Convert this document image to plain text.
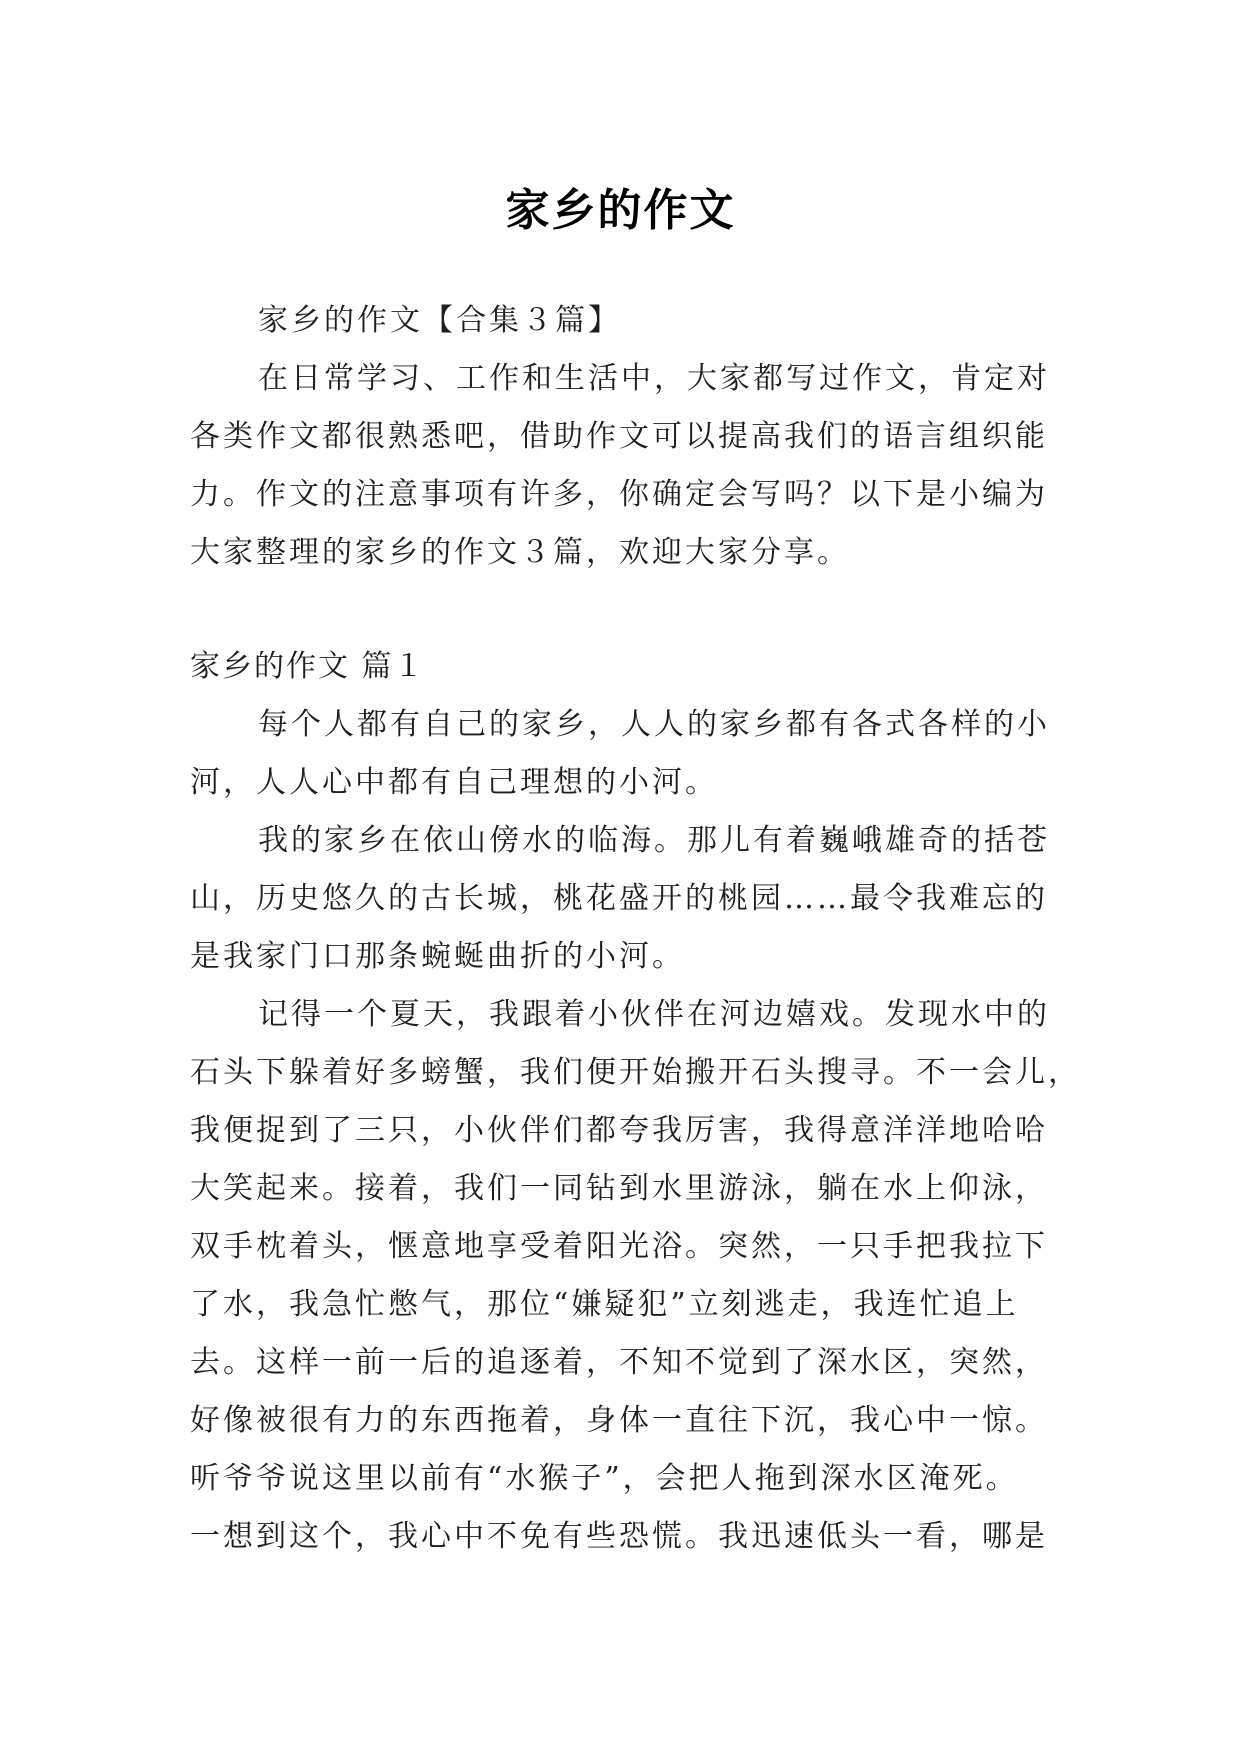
家乡的作文
家乡的作文【合集３篇】
在日常学习、工作和生活中，大家都写过作文，肯定对
各类作文都很熟悉吧，借助作文可以提高我们的语言组织能
力。作文的注意事项有许多，你确定会写吗？以下是小编为
大家整理的家乡的作文３篇，欢迎大家分享。
家乡的作文 篇１
每个人都有自己的家乡，人人的家乡都有各式各样的小
河，人人心中都有自己理想的小河。
我的家乡在依山傍水的临海。那儿有着巍峨雄奇的括苍
山，历史悠久的古长城，桃花盛开的桃园……最令我难忘的
是我家门口那条蜿蜒曲折的小河。
记得一个夏天，我跟着小伙伴在河边嬉戏。发现水中的
石头下躲着好多螃蟹，我们便开始搬开石头搜寻。不一会儿，
我便捉到了三只，小伙伴们都夸我厉害，我得意洋洋地哈哈
大笑起来。接着，我们一同钻到水里游泳，躺在水上仰泳，
双手枕着头，惬意地享受着阳光浴。突然，一只手把我拉下
了水，我急忙憋气，那位“嫌疑犯”立刻逃走，我连忙追上
去。这样一前一后的追逐着，不知不觉到了深水区，突然，
好像被很有力的东西拖着，身体一直往下沉，我心中一惊。
听爷爷说这里以前有“水猴子”，会把人拖到深水区淹死。
一想到这个，我心中不免有些恐慌。我迅速低头一看，哪是
